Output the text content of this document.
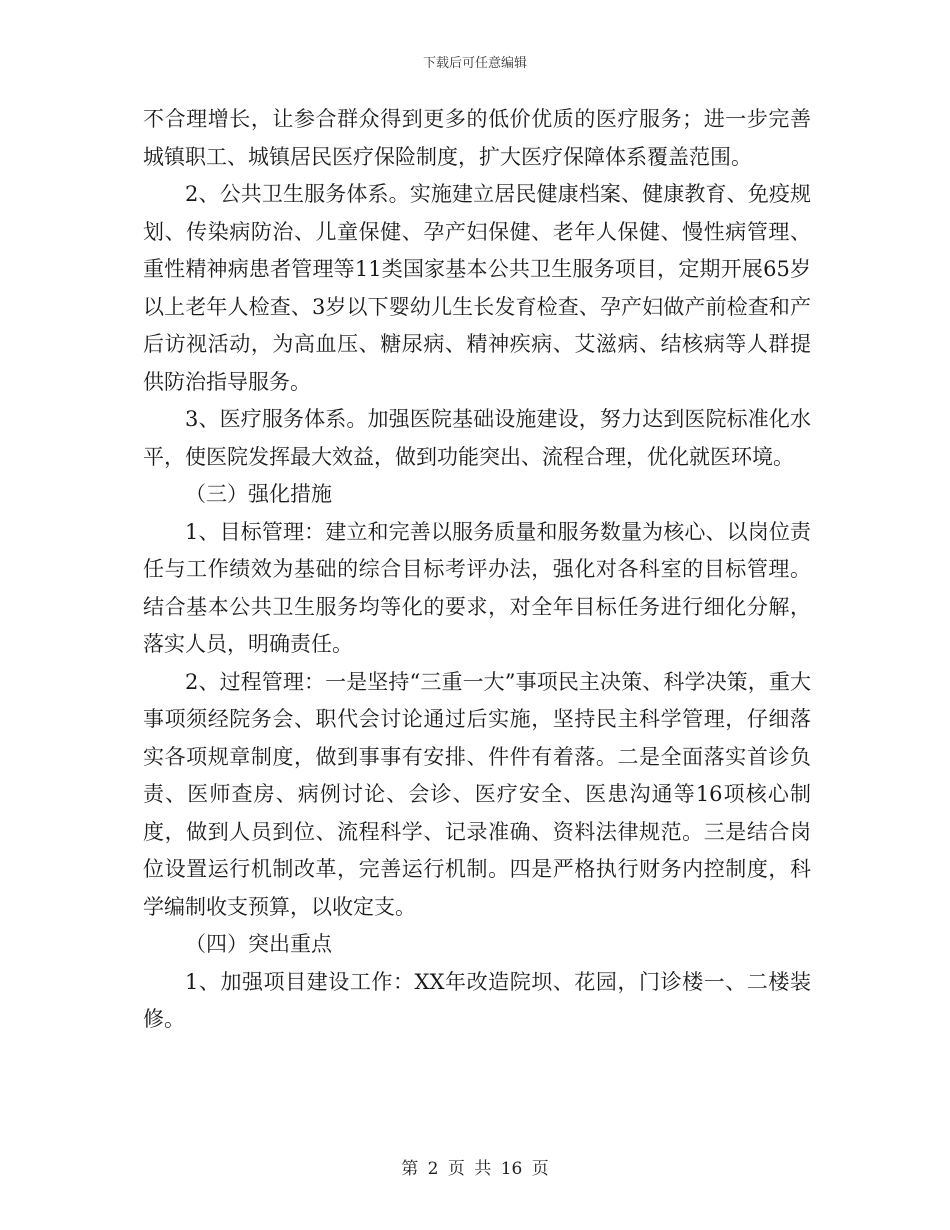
下载后可任意编辑

不合理增长，让参合群众得到更多的低价优质的医疗服务；进一步完善城镇职工、城镇居民医疗保险制度，扩大医疗保障体系覆盖范围。

2、公共卫生服务体系。实施建立居民健康档案、健康教育、免疫规划、传染病防治、儿童保健、孕产妇保健、老年人保健、慢性病管理、重性精神病患者管理等11类国家基本公共卫生服务项目，定期开展65岁以上老年人检查、3岁以下婴幼儿生长发育检查、孕产妇做产前检查和产后访视活动，为高血压、糖尿病、精神疾病、艾滋病、结核病等人群提供防治指导服务。

3、医疗服务体系。加强医院基础设施建设，努力达到医院标准化水平，使医院发挥最大效益，做到功能突出、流程合理，优化就医环境。

（三）强化措施

1、目标管理：建立和完善以服务质量和服务数量为核心、以岗位责任与工作绩效为基础的综合目标考评办法，强化对各科室的目标管理。结合基本公共卫生服务均等化的要求，对全年目标任务进行细化分解，落实人员，明确责任。

2、过程管理：一是坚持“三重一大”事项民主决策、科学决策，重大事项须经院务会、职代会讨论通过后实施，坚持民主科学管理，仔细落实各项规章制度，做到事事有安排、件件有着落。二是全面落实首诊负责、医师查房、病例讨论、会诊、医疗安全、医患沟通等16项核心制度，做到人员到位、流程科学、记录准确、资料法律规范。三是结合岗位设置运行机制改革，完善运行机制。四是严格执行财务内控制度，科学编制收支预算，以收定支。

（四）突出重点

1、加强项目建设工作：XX年改造院坝、花园，门诊楼一、二楼装修。

第 2 页 共 16 页
